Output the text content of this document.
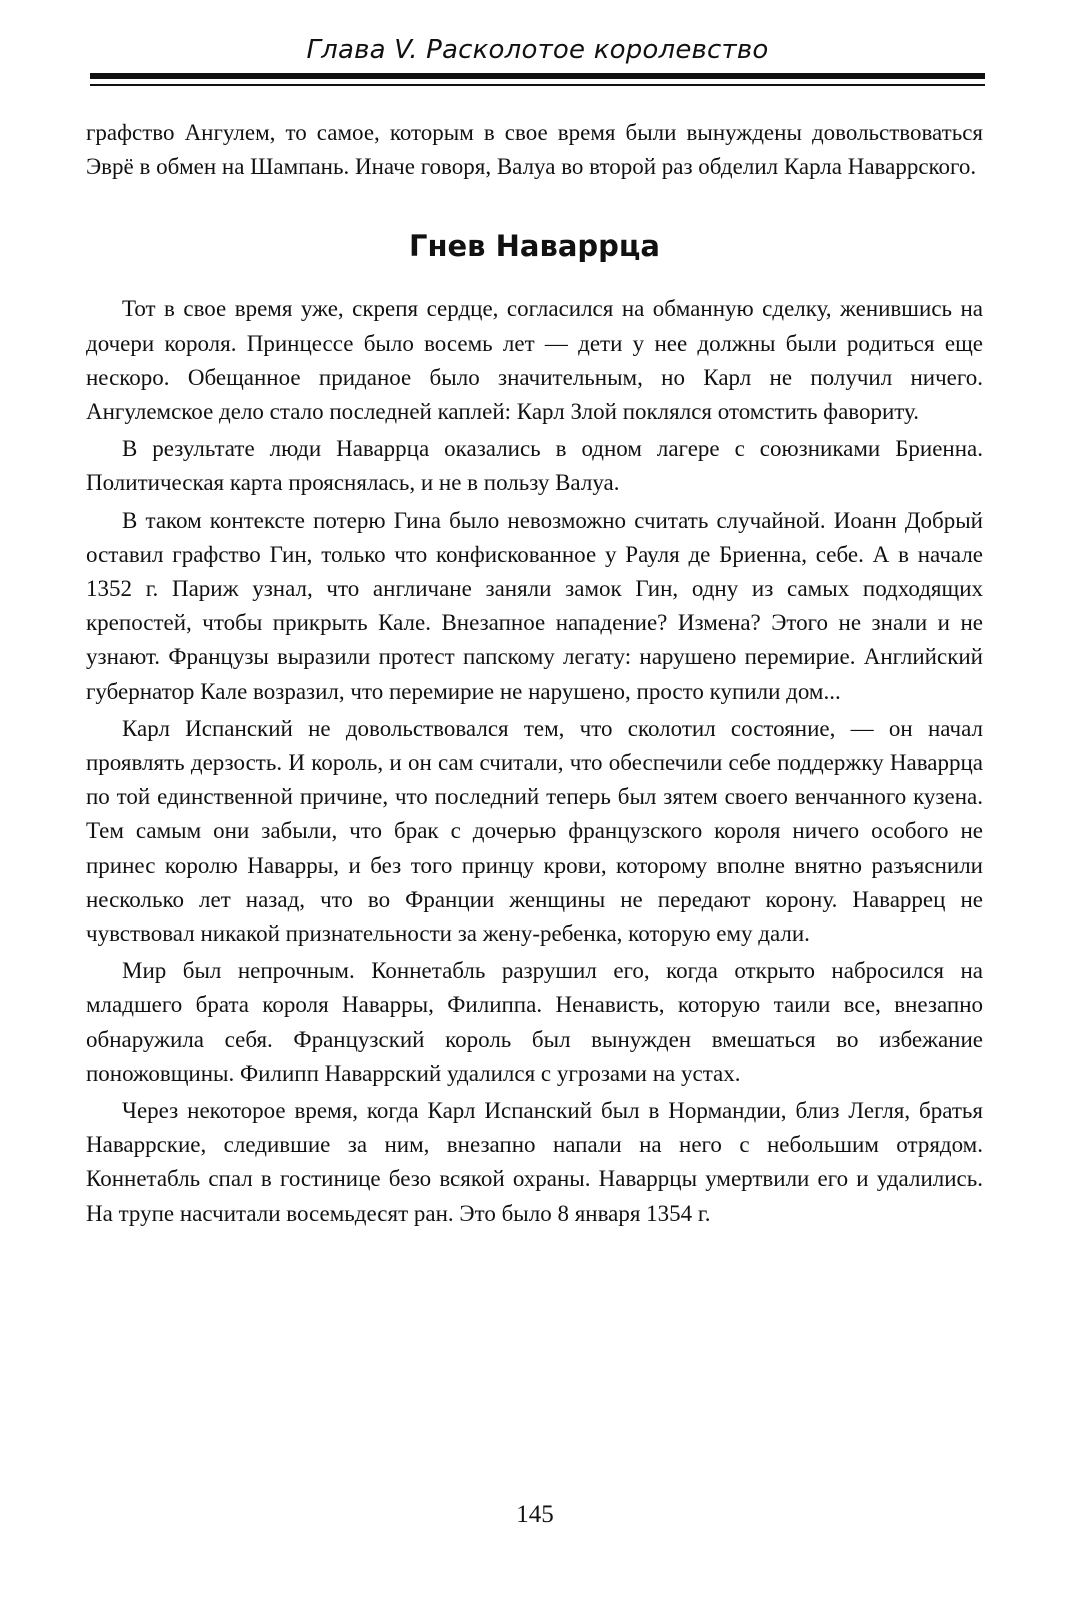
Глава V. Расколотое королевство

графство Ангулем, то самое, которым в свое время были вынуждены довольствоваться Эврё в обмен на Шампань. Иначе говоря, Валуа во второй раз обделил Карла Наваррского.

Гнев Наваррца

Тот в свое время уже, скрепя сердце, согласился на обманную сделку, женившись на дочери короля. Принцессе было восемь лет — дети у нее должны были родиться еще нескоро. Обещанное приданое было значительным, но Карл не получил ничего. Ангулемское дело стало последней каплей: Карл Злой поклялся отомстить фавориту.

В результате люди Наваррца оказались в одном лагере с союзниками Бриенна. Политическая карта прояснялась, и не в пользу Валуа.

В таком контексте потерю Гина было невозможно считать случайной. Иоанн Добрый оставил графство Гин, только что конфискованное у Рауля де Бриенна, себе. А в начале 1352 г. Париж узнал, что англичане заняли замок Гин, одну из самых подходящих крепостей, чтобы прикрыть Кале. Внезапное нападение? Измена? Этого не знали и не узнают. Французы выразили протест папскому легату: нарушено перемирие. Английский губернатор Кале возразил, что перемирие не нарушено, просто купили дом...

Карл Испанский не довольствовался тем, что сколотил состояние, — он начал проявлять дерзость. И король, и он сам считали, что обеспечили себе поддержку Наваррца по той единственной причине, что последний теперь был зятем своего венчанного кузена. Тем самым они забыли, что брак с дочерью французского короля ничего особого не принес королю Наварры, и без того принцу крови, которому вполне внятно разъяснили несколько лет назад, что во Франции женщины не передают корону. Наваррец не чувствовал никакой признательности за жену-ребенка, которую ему дали.

Мир был непрочным. Коннетабль разрушил его, когда открыто набросился на младшего брата короля Наварры, Филиппа. Ненависть, которую таили все, внезапно обнаружила себя. Французский король был вынужден вмешаться во избежание поножовщины. Филипп Наваррский удалился с угрозами на устах.

Через некоторое время, когда Карл Испанский был в Нормандии, близ Легля, братья Наваррские, следившие за ним, внезапно напали на него с небольшим отрядом. Коннетабль спал в гостинице безо всякой охраны. Наваррцы умертвили его и удалились. На трупе насчитали восемьдесят ран. Это было 8 января 1354 г.

145
